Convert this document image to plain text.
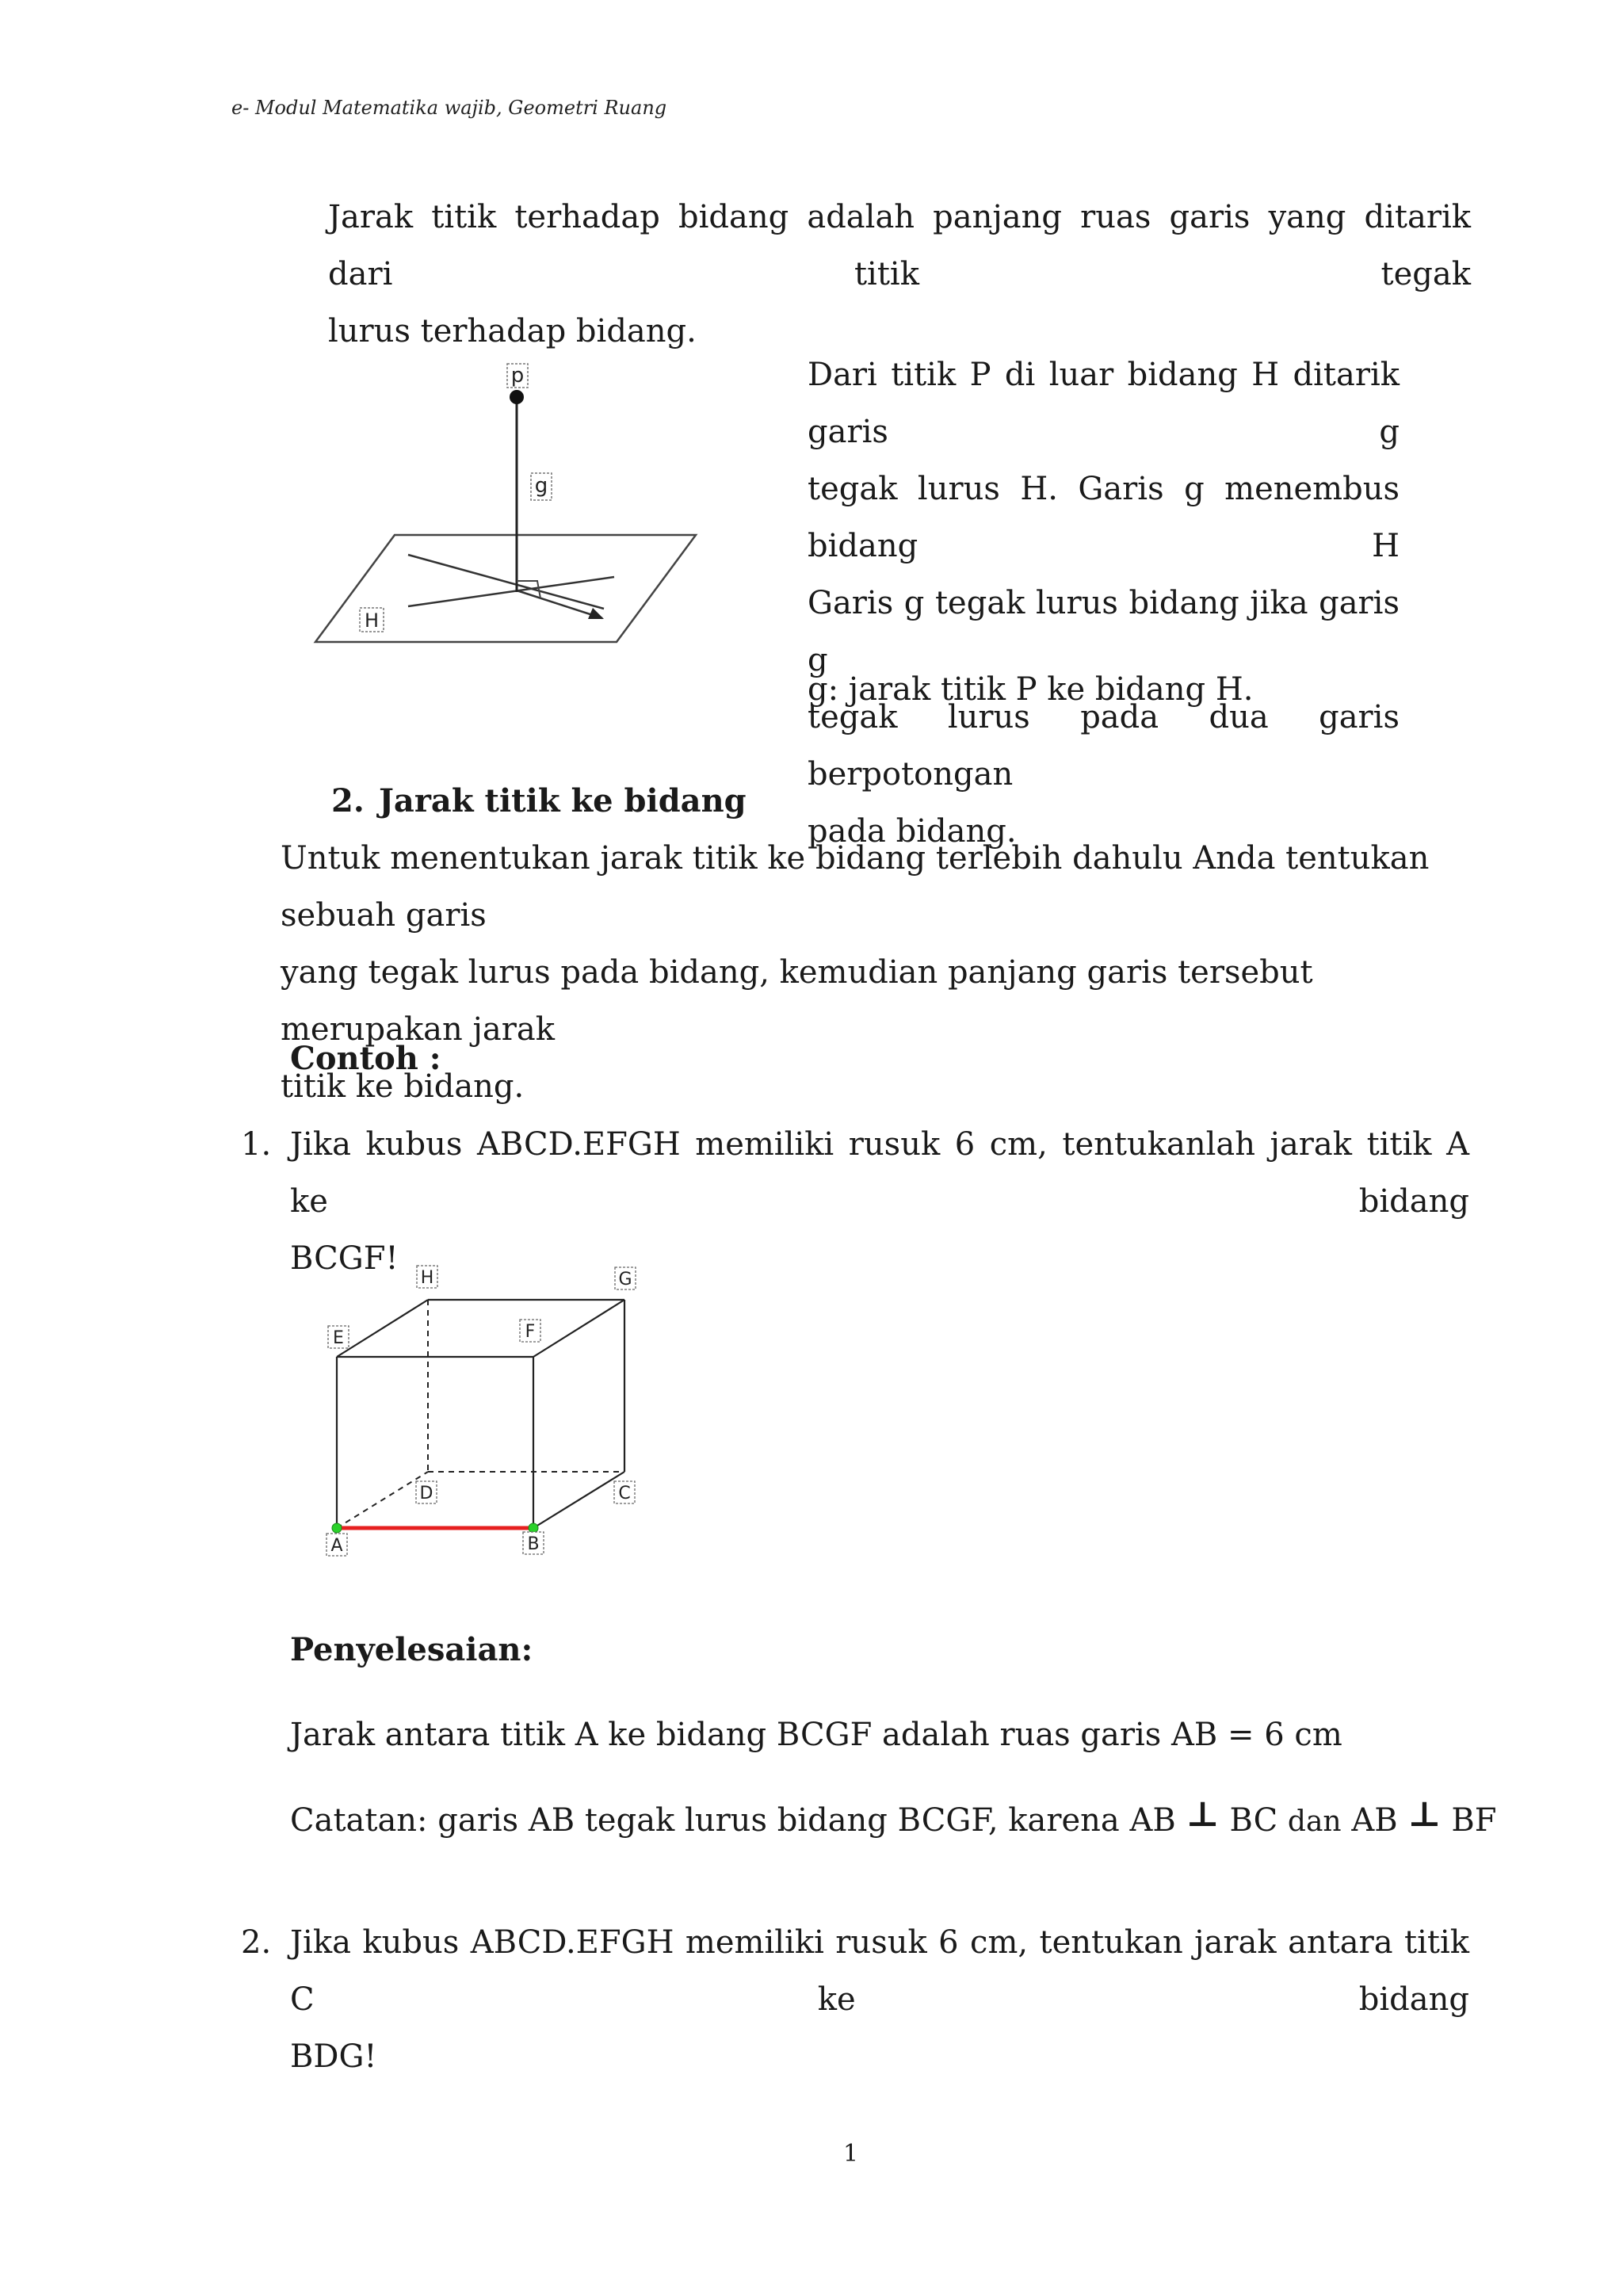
e- Modul Matematika wajib, Geometri Ruang
Jarak titik terhadap bidang adalah panjang ruas garis yang ditarik dari titik tegak
lurus terhadap bidang.
p
g
H
Dari titik P di luar bidang H ditarik garis g
tegak lurus H. Garis g menembus bidang H
Garis g tegak lurus bidang jika garis g
tegak lurus pada dua garis berpotongan
pada bidang.
g: jarak titik P ke bidang H.
2. Jarak titik ke bidang
Untuk menentukan jarak titik ke bidang terlebih dahulu Anda tentukan sebuah garis
yang tegak lurus pada bidang, kemudian panjang garis tersebut merupakan jarak
titik ke bidang.
Contoh :
1. Jika kubus ABCD.EFGH memiliki rusuk 6 cm, tentukanlah jarak titik A ke bidang
BCGF!
H	G
E	F
D	C
A	B
Penyelesaian:
Jarak antara titik A ke bidang BCGF adalah ruas garis AB = 6 cm
Catatan: garis AB tegak lurus bidang BCGF, karena AB ⊥ BC dan AB ⊥ BF
2. Jika kubus ABCD.EFGH memiliki rusuk 6 cm, tentukan jarak antara titik C ke bidang
BDG!
1
